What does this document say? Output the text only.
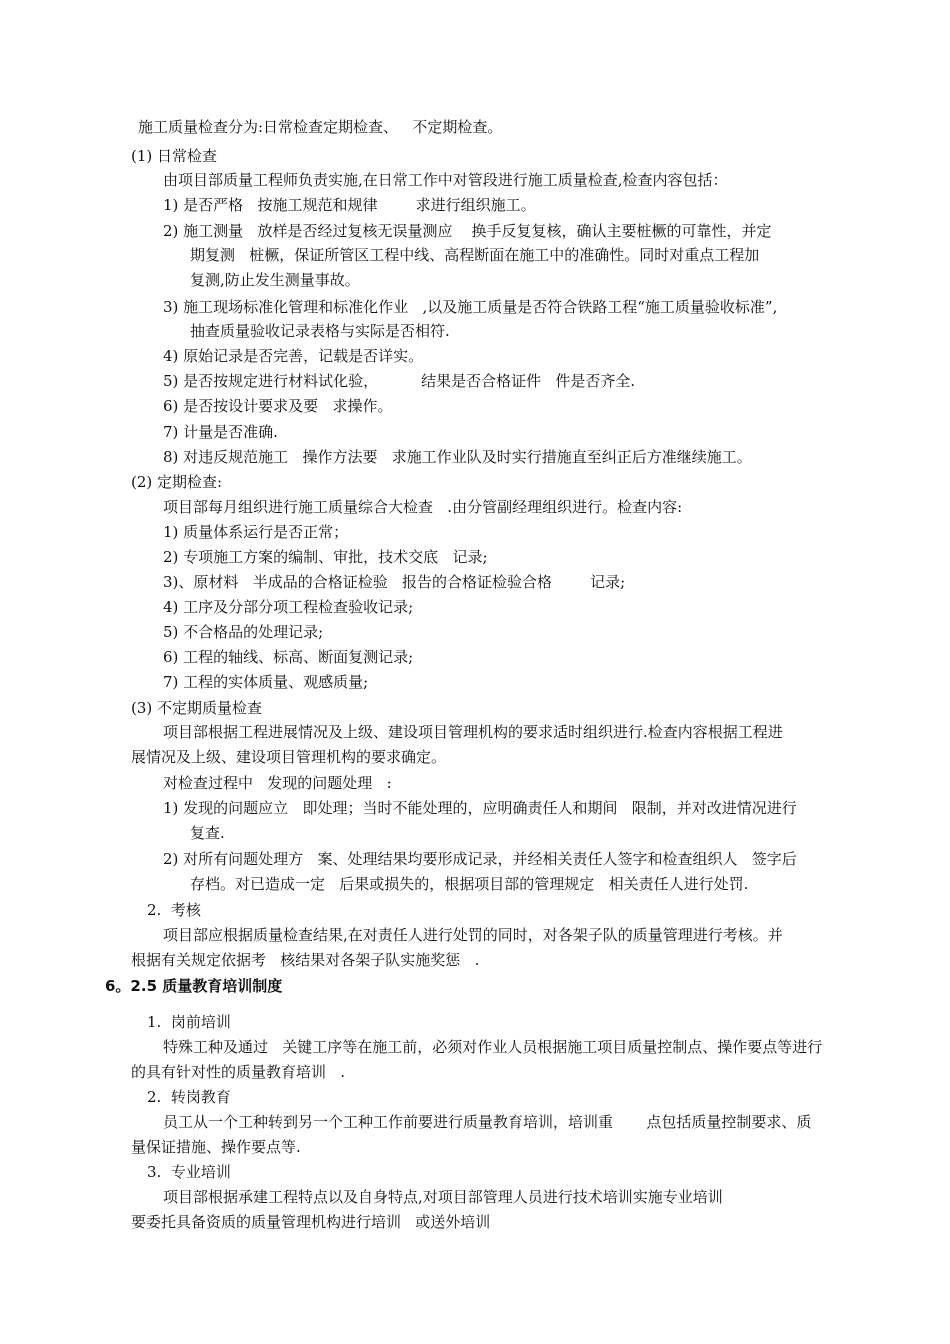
施工质量检查分为:日常检查定期检查、   不定期检查。
(1) 日常检查
由项目部质量工程师负责实施,在日常工作中对管段进行施工质量检查,检查内容包括：
1) 是否严格   按施工规范和规律        求进行组织施工。
2) 施工测量   放样是否经过复核无误量测应    换手反复复核，确认主要桩橛的可靠性，并定
期复测   桩橛，保证所管区工程中线、高程断面在施工中的准确性。同时对重点工程加
复测,防止发生测量事故。
3) 施工现场标准化管理和标准化作业   ,以及施工质量是否符合铁路工程“施工质量验收标准”,
抽查质量验收记录表格与实际是否相符.
4) 原始记录是否完善，记载是否详实。
5) 是否按规定进行材料试化验，         结果是否合格证件   件是否齐全.
6) 是否按设计要求及要   求操作。
7) 计量是否准确.
8) 对违反规范施工   操作方法要   求施工作业队及时实行措施直至纠正后方准继续施工。
(2) 定期检查:
项目部每月组织进行施工质量综合大检查   .由分管副经理组织进行。检查内容:
1) 质量体系运行是否正常；
2) 专项施工方案的编制、审批，技术交底   记录;
3)、原材料   半成品的合格证检验   报告的合格证检验合格        记录;
4) 工序及分部分项工程检查验收记录;
5) 不合格品的处理记录;
6) 工程的轴线、标高、断面复测记录;
7) 工程的实体质量、观感质量;
(3) 不定期质量检查
项目部根据工程进展情况及上级、建设项目管理机构的要求适时组织进行.检查内容根据工程进
展情况及上级、建设项目管理机构的要求确定。
对检查过程中   发现的问题处理   :
1) 发现的问题应立   即处理；当时不能处理的，应明确责任人和期间   限制，并对改进情况进行
复查.
2) 对所有问题处理方   案、处理结果均要形成记录，并经相关责任人签字和检查组织人   签字后
存档。对已造成一定   后果或损失的，根据项目部的管理规定   相关责任人进行处罚.
2.  考核
项目部应根据质量检查结果,在对责任人进行处罚的同时，对各架子队的质量管理进行考核。并
根据有关规定依据考   核结果对各架子队实施奖惩   .
6。2.5 质量教育培训制度
1.  岗前培训
特殊工种及通过   关键工序等在施工前，必须对作业人员根据施工项目质量控制点、操作要点等进行
的具有针对性的质量教育培训   .
2.  转岗教育
员工从一个工种转到另一个工种工作前要进行质量教育培训，培训重       点包括质量控制要求、质
量保证措施、操作要点等.
3.  专业培训
项目部根据承建工程特点以及自身特点,对项目部管理人员进行技术培训实施专业培训
要委托具备资质的质量管理机构进行培训   或送外培训
